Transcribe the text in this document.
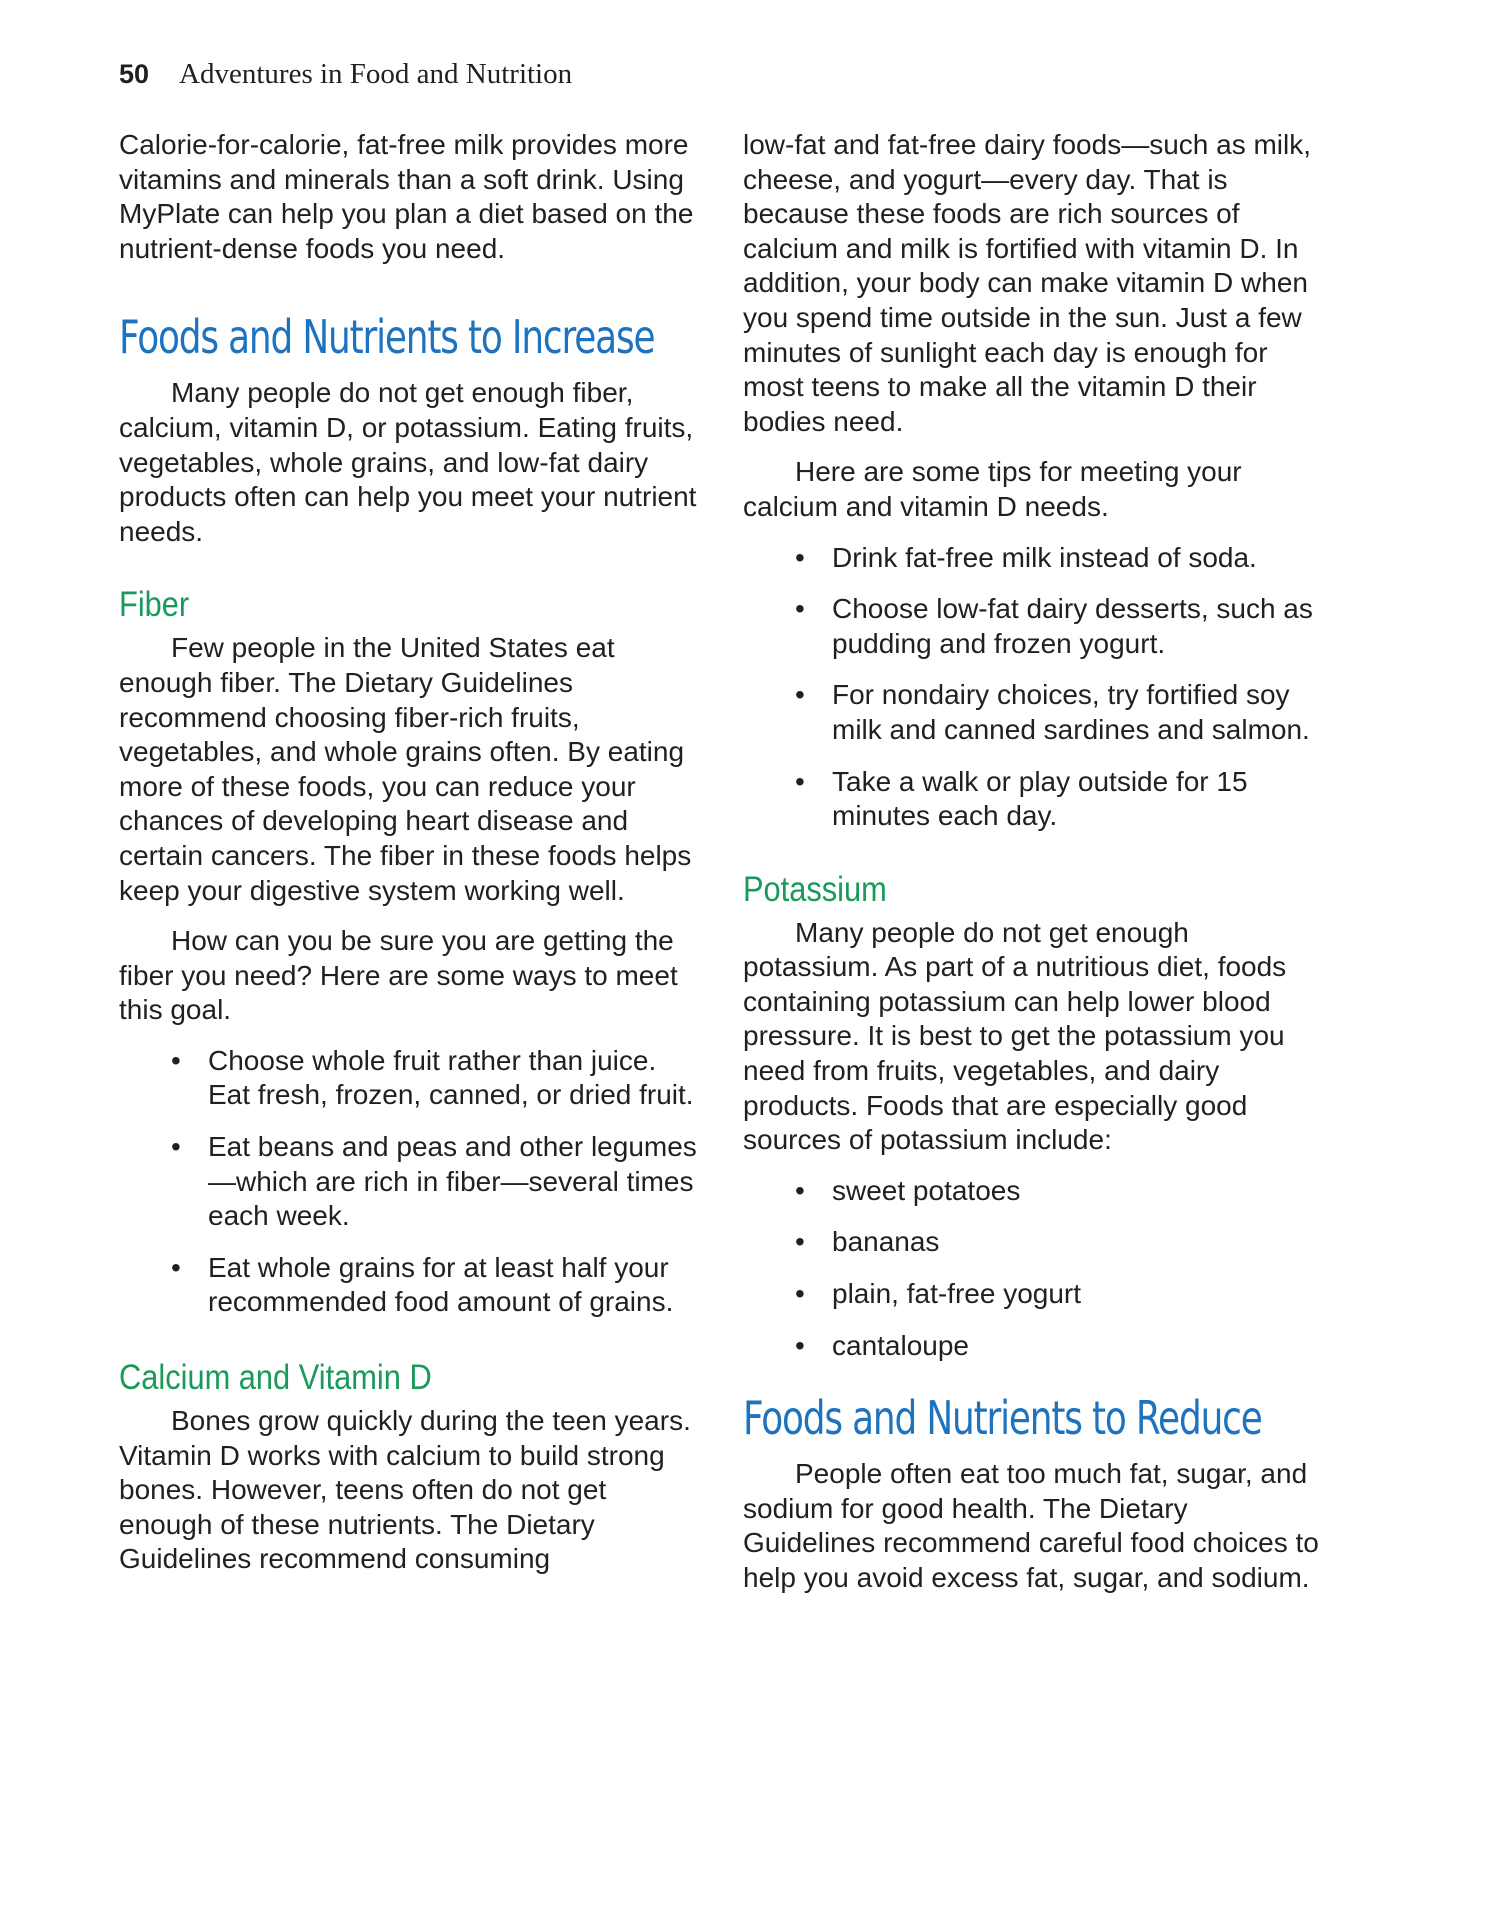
50 Adventures in Food and Nutrition

Calorie-for-calorie, fat-free milk provides more vitamins and minerals than a soft drink. Using MyPlate can help you plan a diet based on the nutrient-dense foods you need.

Foods and Nutrients to Increase

Many people do not get enough fiber, calcium, vitamin D, or potassium. Eating fruits, vegetables, whole grains, and low-fat dairy products often can help you meet your nutrient needs.

Fiber

Few people in the United States eat enough fiber. The Dietary Guidelines recommend choosing fiber-rich fruits, vegetables, and whole grains often. By eating more of these foods, you can reduce your chances of developing heart disease and certain cancers. The fiber in these foods helps keep your digestive system working well.

How can you be sure you are getting the fiber you need? Here are some ways to meet this goal.

• Choose whole fruit rather than juice. Eat fresh, frozen, canned, or dried fruit.
• Eat beans and peas and other legumes—which are rich in fiber—several times each week.
• Eat whole grains for at least half your recommended food amount of grains.
Calcium and Vitamin D

Bones grow quickly during the teen years. Vitamin D works with calcium to build strong bones. However, teens often do not get enough of these nutrients. The Dietary Guidelines recommend consuming

low-fat and fat-free dairy foods—such as milk, cheese, and yogurt—every day. That is because these foods are rich sources of calcium and milk is fortified with vitamin D. In addition, your body can make vitamin D when you spend time outside in the sun. Just a few minutes of sunlight each day is enough for most teens to make all the vitamin D their bodies need.

Here are some tips for meeting your calcium and vitamin D needs.

• Drink fat-free milk instead of soda.
• Choose low-fat dairy desserts, such as pudding and frozen yogurt.
• For nondairy choices, try fortified soy milk and canned sardines and salmon.
• Take a walk or play outside for 15 minutes each day.
Potassium

Many people do not get enough potassium. As part of a nutritious diet, foods containing potassium can help lower blood pressure. It is best to get the potassium you need from fruits, vegetables, and dairy products. Foods that are especially good sources of potassium include:

• sweet potatoes
• bananas
• plain, fat-free yogurt
• cantaloupe
Foods and Nutrients to Reduce

People often eat too much fat, sugar, and sodium for good health. The Dietary Guidelines recommend careful food choices to help you avoid excess fat, sugar, and sodium.
